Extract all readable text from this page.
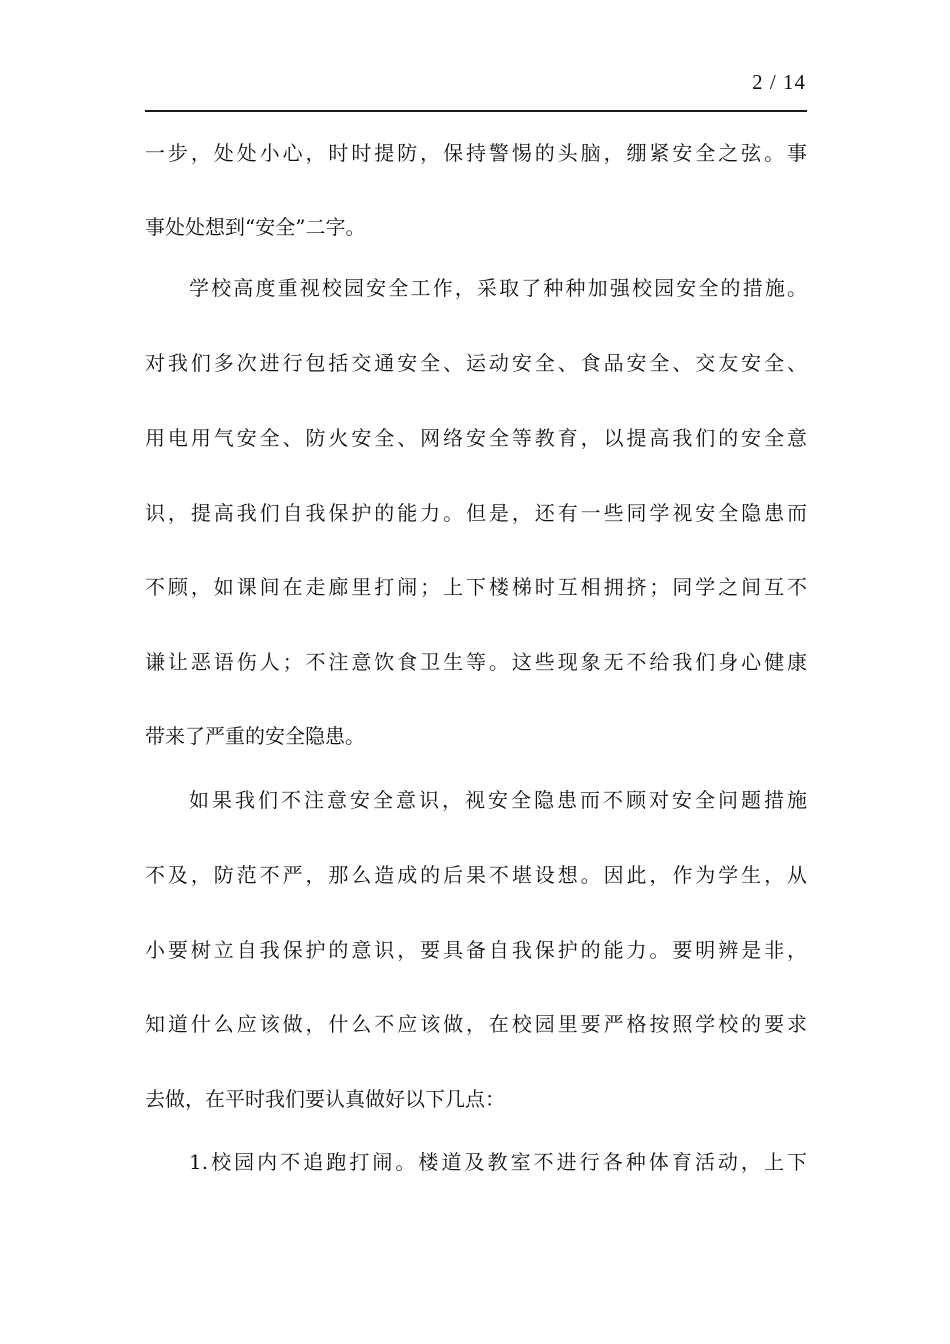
2 / 14
一步，处处小心，时时提防，保持警惕的头脑，绷紧安全之弦。事
事处处想到“安全”二字。
学校高度重视校园安全工作，采取了种种加强校园安全的措施。
对我们多次进行包括交通安全、运动安全、食品安全、交友安全、
用电用气安全、防火安全、网络安全等教育，以提高我们的安全意
识，提高我们自我保护的能力。但是，还有一些同学视安全隐患而
不顾，如课间在走廊里打闹；上下楼梯时互相拥挤；同学之间互不
谦让恶语伤人；不注意饮食卫生等。这些现象无不给我们身心健康
带来了严重的安全隐患。
如果我们不注意安全意识，视安全隐患而不顾对安全问题措施
不及，防范不严，那么造成的后果不堪设想。因此，作为学生，从
小要树立自我保护的意识，要具备自我保护的能力。要明辨是非，
知道什么应该做，什么不应该做，在校园里要严格按照学校的要求
去做，在平时我们要认真做好以下几点：
1.校园内不追跑打闹。楼道及教室不进行各种体育活动，上下
